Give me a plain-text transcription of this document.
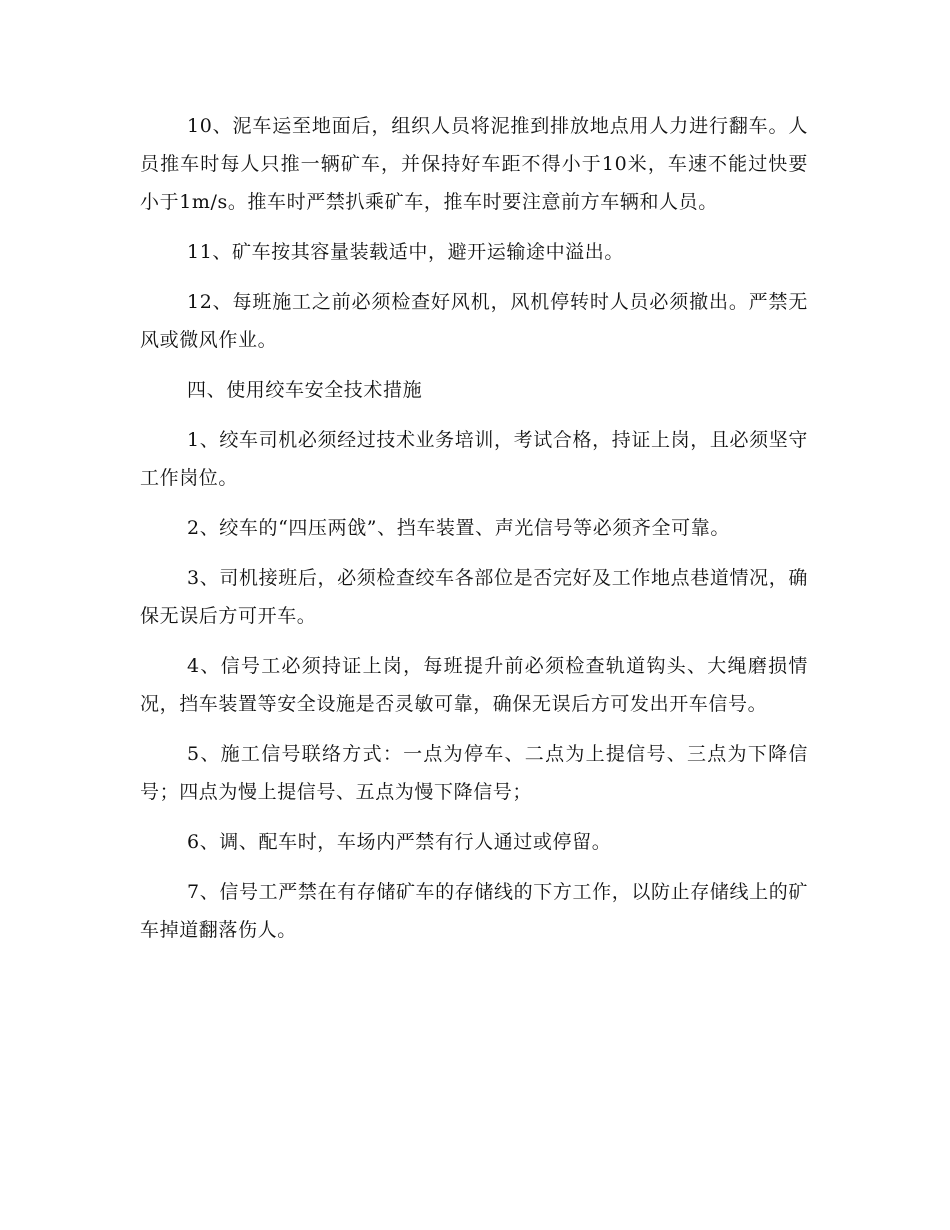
10、泥车运至地面后，组织人员将泥推到排放地点用人力进行翻车。人员推车时每人只推一辆矿车，并保持好车距不得小于10米，车速不能过快要小于1m/s。推车时严禁扒乘矿车，推车时要注意前方车辆和人员。

11、矿车按其容量装载适中，避开运输途中溢出。

12、每班施工之前必须检查好风机，风机停转时人员必须撤出。严禁无风或微风作业。

四、使用绞车安全技术措施

1、绞车司机必须经过技术业务培训，考试合格，持证上岗，且必须坚守工作岗位。

2、绞车的“四压两戗”、挡车装置、声光信号等必须齐全可靠。

3、司机接班后，必须检查绞车各部位是否完好及工作地点巷道情况，确保无误后方可开车。

4、信号工必须持证上岗，每班提升前必须检查轨道钩头、大绳磨损情况，挡车装置等安全设施是否灵敏可靠，确保无误后方可发出开车信号。

5、施工信号联络方式：一点为停车、二点为上提信号、三点为下降信号；四点为慢上提信号、五点为慢下降信号；

6、调、配车时，车场内严禁有行人通过或停留。

7、信号工严禁在有存储矿车的存储线的下方工作，以防止存储线上的矿车掉道翻落伤人。
